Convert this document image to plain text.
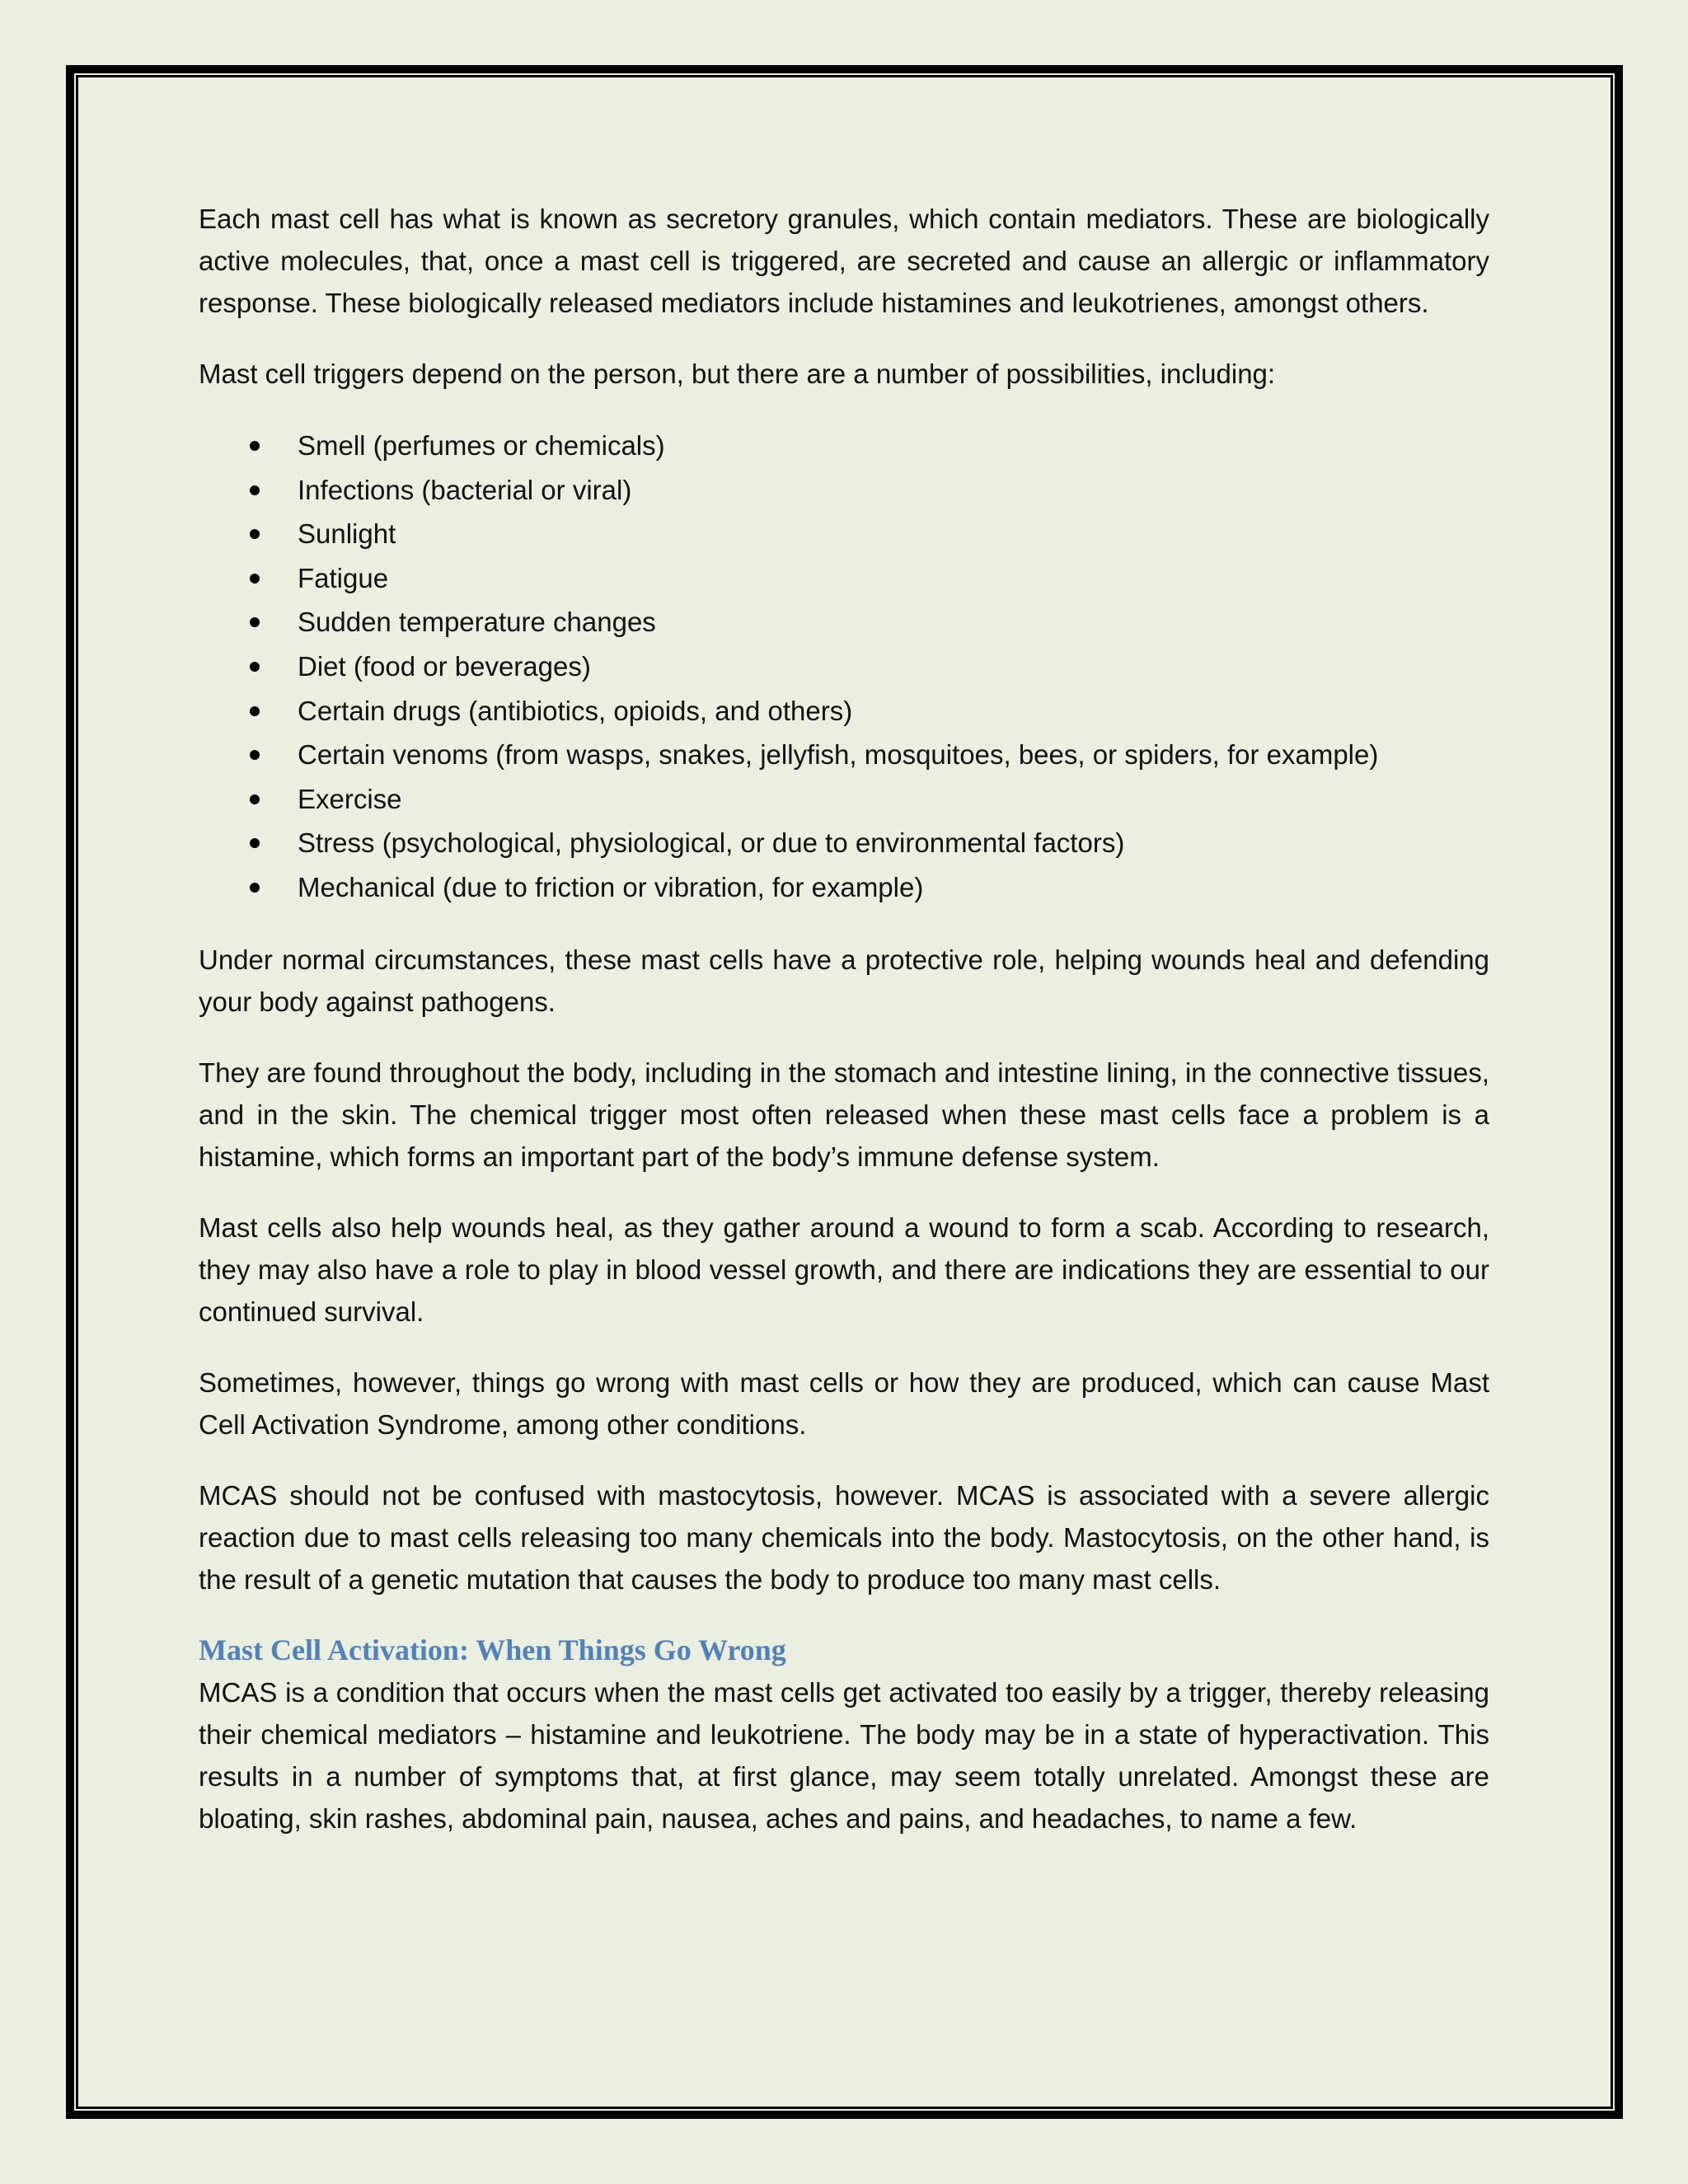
Each mast cell has what is known as secretory granules, which contain mediators. These are biologically active molecules, that, once a mast cell is triggered, are secreted and cause an allergic or inflammatory response. These biologically released mediators include histamines and leukotrienes, amongst others.

Mast cell triggers depend on the person, but there are a number of possibilities, including:

Smell (perfumes or chemicals)
Infections (bacterial or viral)
Sunlight
Fatigue
Sudden temperature changes
Diet (food or beverages)
Certain drugs (antibiotics, opioids, and others)
Certain venoms (from wasps, snakes, jellyfish, mosquitoes, bees, or spiders, for example)
Exercise
Stress (psychological, physiological, or due to environmental factors)
Mechanical (due to friction or vibration, for example)

Under normal circumstances, these mast cells have a protective role, helping wounds heal and defending your body against pathogens.

They are found throughout the body, including in the stomach and intestine lining, in the connective tissues, and in the skin. The chemical trigger most often released when these mast cells face a problem is a histamine, which forms an important part of the body’s immune defense system.

Mast cells also help wounds heal, as they gather around a wound to form a scab. According to research, they may also have a role to play in blood vessel growth, and there are indications they are essential to our continued survival.

Sometimes, however, things go wrong with mast cells or how they are produced, which can cause Mast Cell Activation Syndrome, among other conditions.

MCAS should not be confused with mastocytosis, however. MCAS is associated with a severe allergic reaction due to mast cells releasing too many chemicals into the body. Mastocytosis, on the other hand, is the result of a genetic mutation that causes the body to produce too many mast cells.

Mast Cell Activation: When Things Go Wrong

MCAS is a condition that occurs when the mast cells get activated too easily by a trigger, thereby releasing their chemical mediators – histamine and leukotriene. The body may be in a state of hyperactivation. This results in a number of symptoms that, at first glance, may seem totally unrelated. Amongst these are bloating, skin rashes, abdominal pain, nausea, aches and pains, and headaches, to name a few.
